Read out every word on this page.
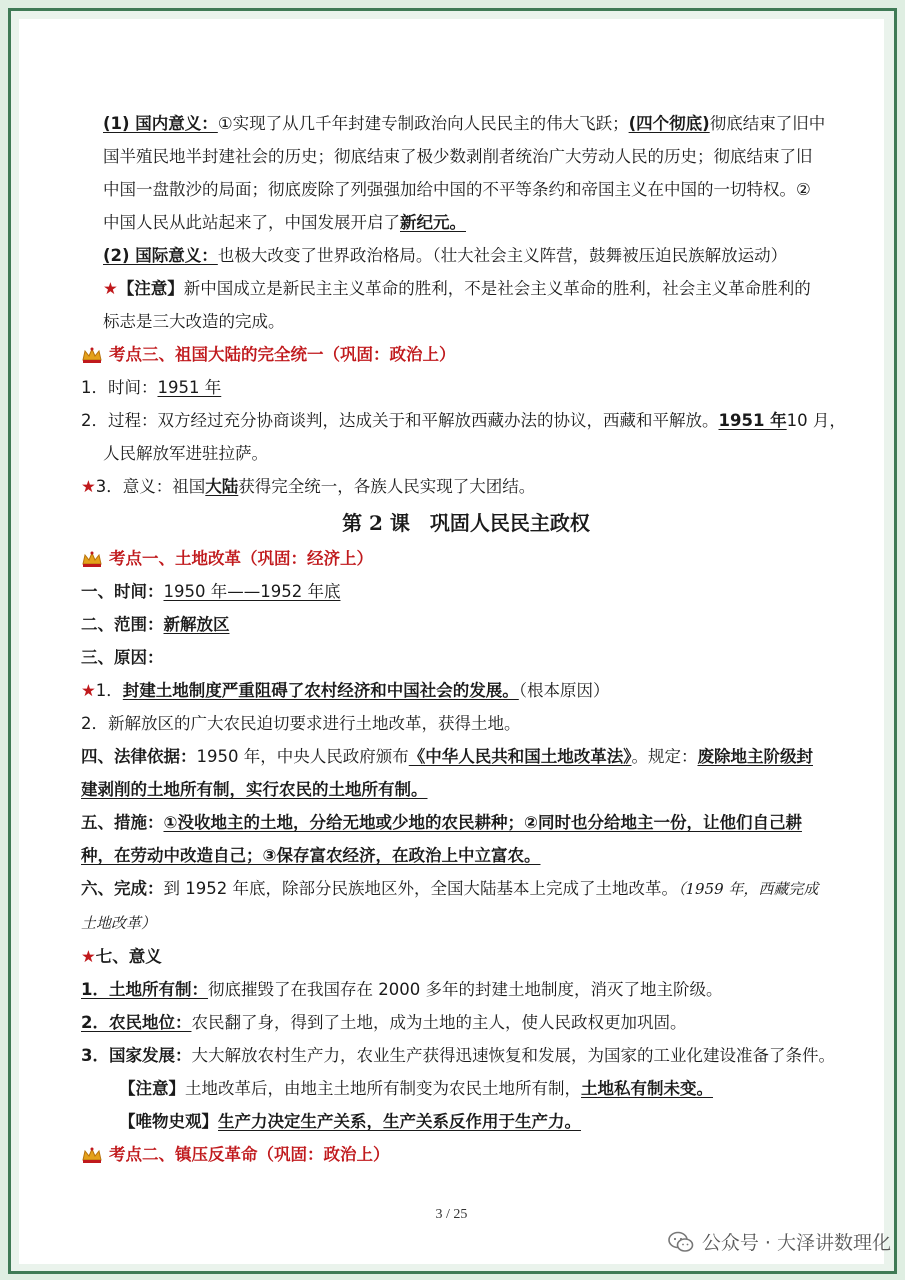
(1) 国内意义：①实现了从几千年封建专制政治向人民民主的伟大飞跃；(四个彻底)彻底结束了旧中
国半殖民地半封建社会的历史；彻底结束了极少数剥削者统治广大劳动人民的历史；彻底结束了旧
中国一盘散沙的局面；彻底废除了列强强加给中国的不平等条约和帝国主义在中国的一切特权。②
中国人民从此站起来了，中国发展开启了新纪元。
(2) 国际意义：也极大改变了世界政治格局。（壮大社会主义阵营，鼓舞被压迫民族解放运动）
★【注意】新中国成立是新民主主义革命的胜利，不是社会主义革命的胜利，社会主义革命胜利的
标志是三大改造的完成。
考点三、祖国大陆的完全统一（巩固：政治上）
1．时间：1951 年
2．过程：双方经过充分协商谈判，达成关于和平解放西藏办法的协议，西藏和平解放。1951 年10 月，
人民解放军进驻拉萨。
★3．意义：祖国大陆获得完全统一，各族人民实现了大团结。
第 2 课　巩固人民民主政权
考点一、土地改革（巩固：经济上）
一、时间：1950 年——1952 年底
二、范围：新解放区
三、原因：
★1．封建土地制度严重阻碍了农村经济和中国社会的发展。（根本原因）
2．新解放区的广大农民迫切要求进行土地改革，获得土地。
四、法律依据：1950 年，中央人民政府颁布《中华人民共和国土地改革法》。规定：废除地主阶级封
建剥削的土地所有制，实行农民的土地所有制。
五、措施：①没收地主的土地，分给无地或少地的农民耕种；②同时也分给地主一份，让他们自己耕
种，在劳动中改造自己；③保存富农经济，在政治上中立富农。
六、完成：到 1952 年底，除部分民族地区外，全国大陆基本上完成了土地改革。（1959 年，西藏完成
土地改革）
★七、意义
1．土地所有制：彻底摧毁了在我国存在 2000 多年的封建土地制度，消灭了地主阶级。
2．农民地位：农民翻了身，得到了土地，成为土地的主人，使人民政权更加巩固。
3．国家发展：大大解放农村生产力，农业生产获得迅速恢复和发展，为国家的工业化建设准备了条件。
【注意】土地改革后，由地主土地所有制变为农民土地所有制，土地私有制未变。
【唯物史观】生产力决定生产关系，生产关系反作用于生产力。
考点二、镇压反革命（巩固：政治上）
3 / 25
公众号 · 大泽讲数理化
